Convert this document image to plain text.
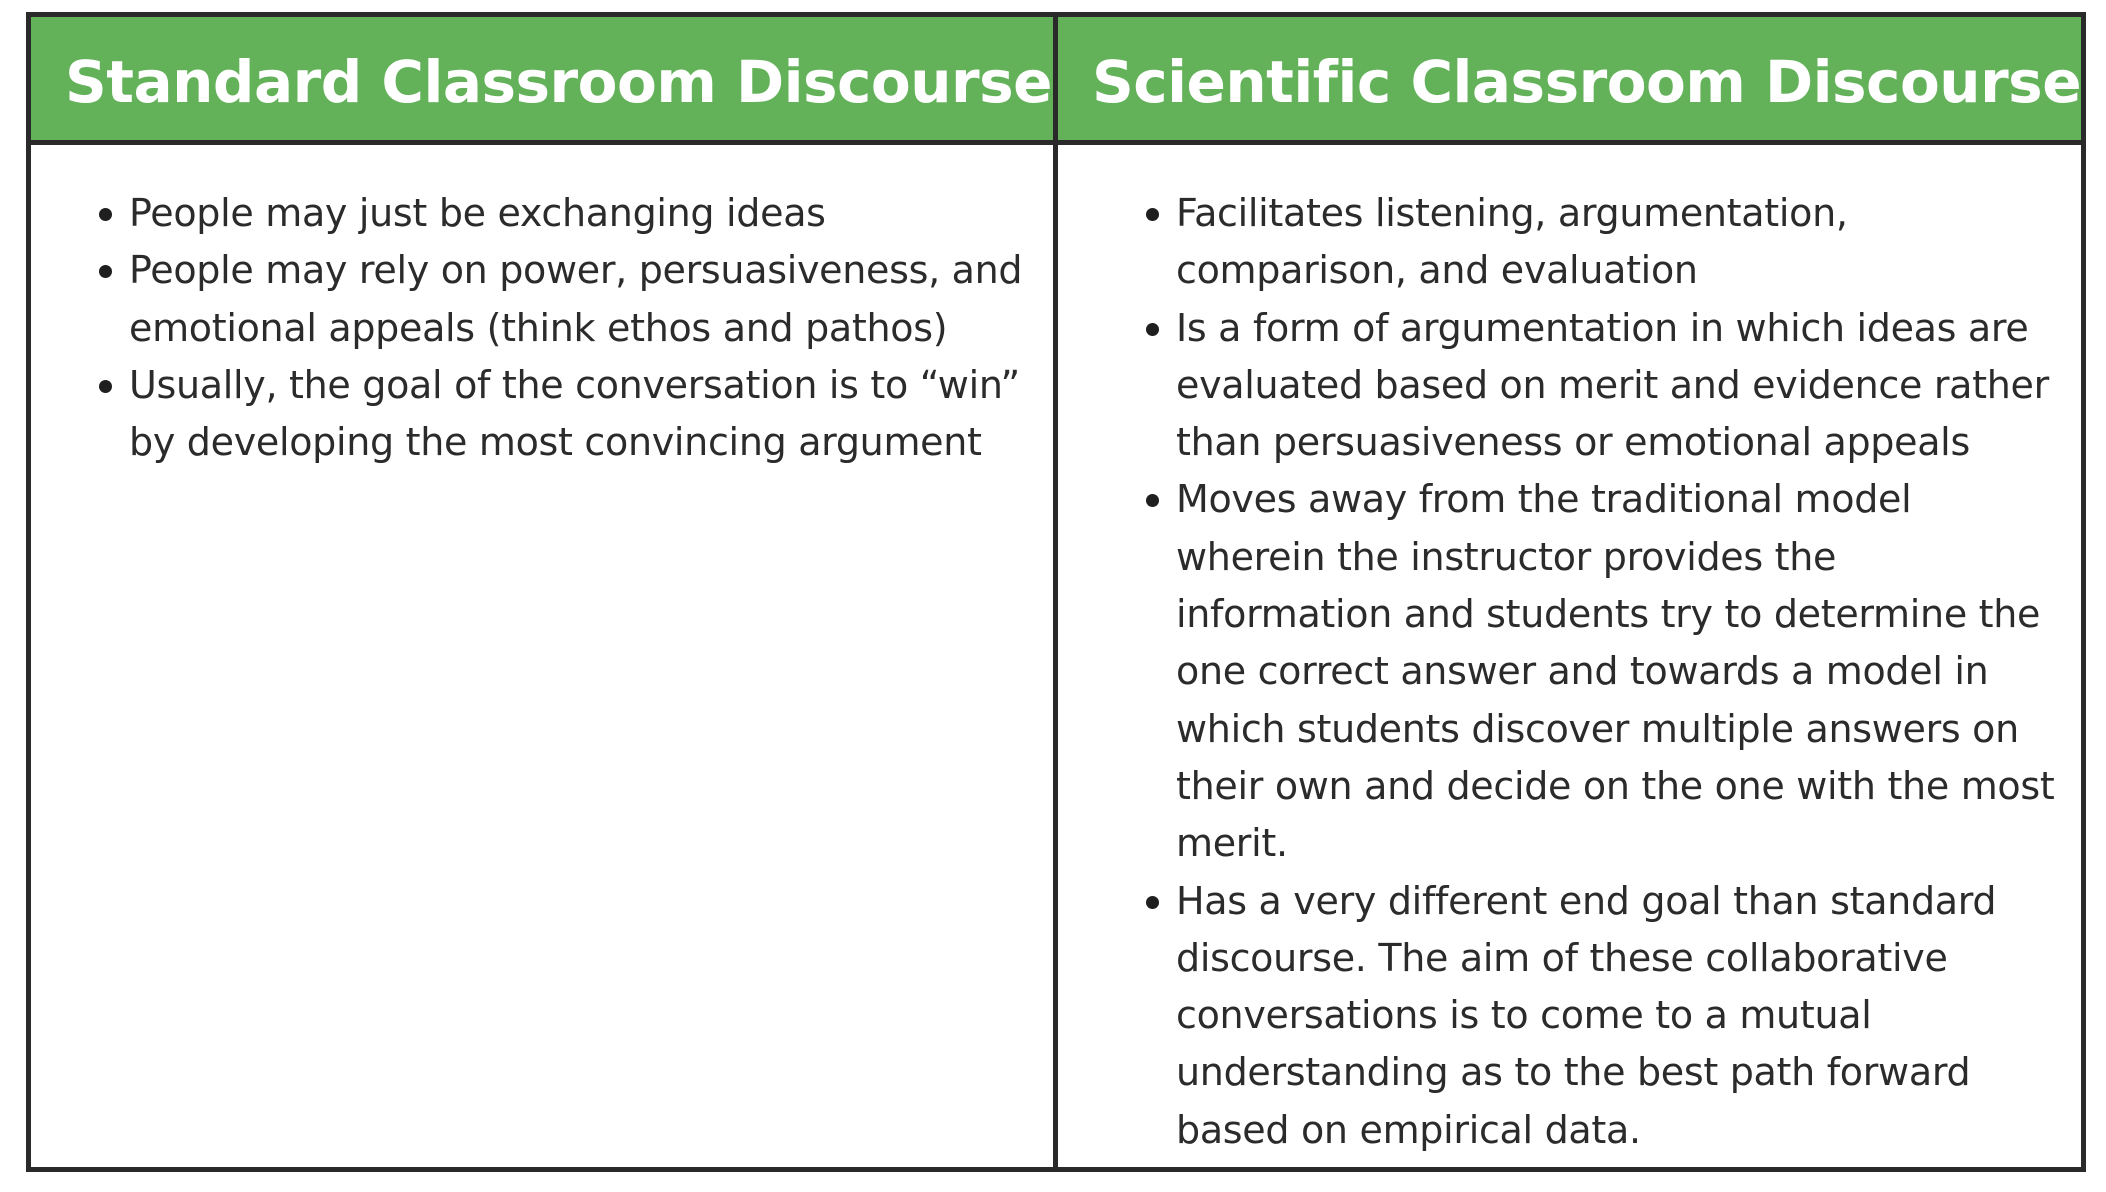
Standard Classroom Discourse Scientific Classroom Discourse
People may just be exchanging ideas
People may rely on power, persuasiveness, and emotional appeals (think ethos and pathos)
Usually, the goal of the conversation is to “win” by developing the most convincing argument
Facilitates listening, argumentation, comparison, and evaluation
Is a form of argumentation in which ideas are evaluated based on merit and evidence rather than persuasiveness or emotional appeals
Moves away from the traditional model wherein the instructor provides the information and students try to determine the one correct answer and towards a model in which students discover multiple answers on their own and decide on the one with the most merit.
Has a very different end goal than standard discourse. The aim of these collaborative conversations is to come to a mutual understanding as to the best path forward based on empirical data.
